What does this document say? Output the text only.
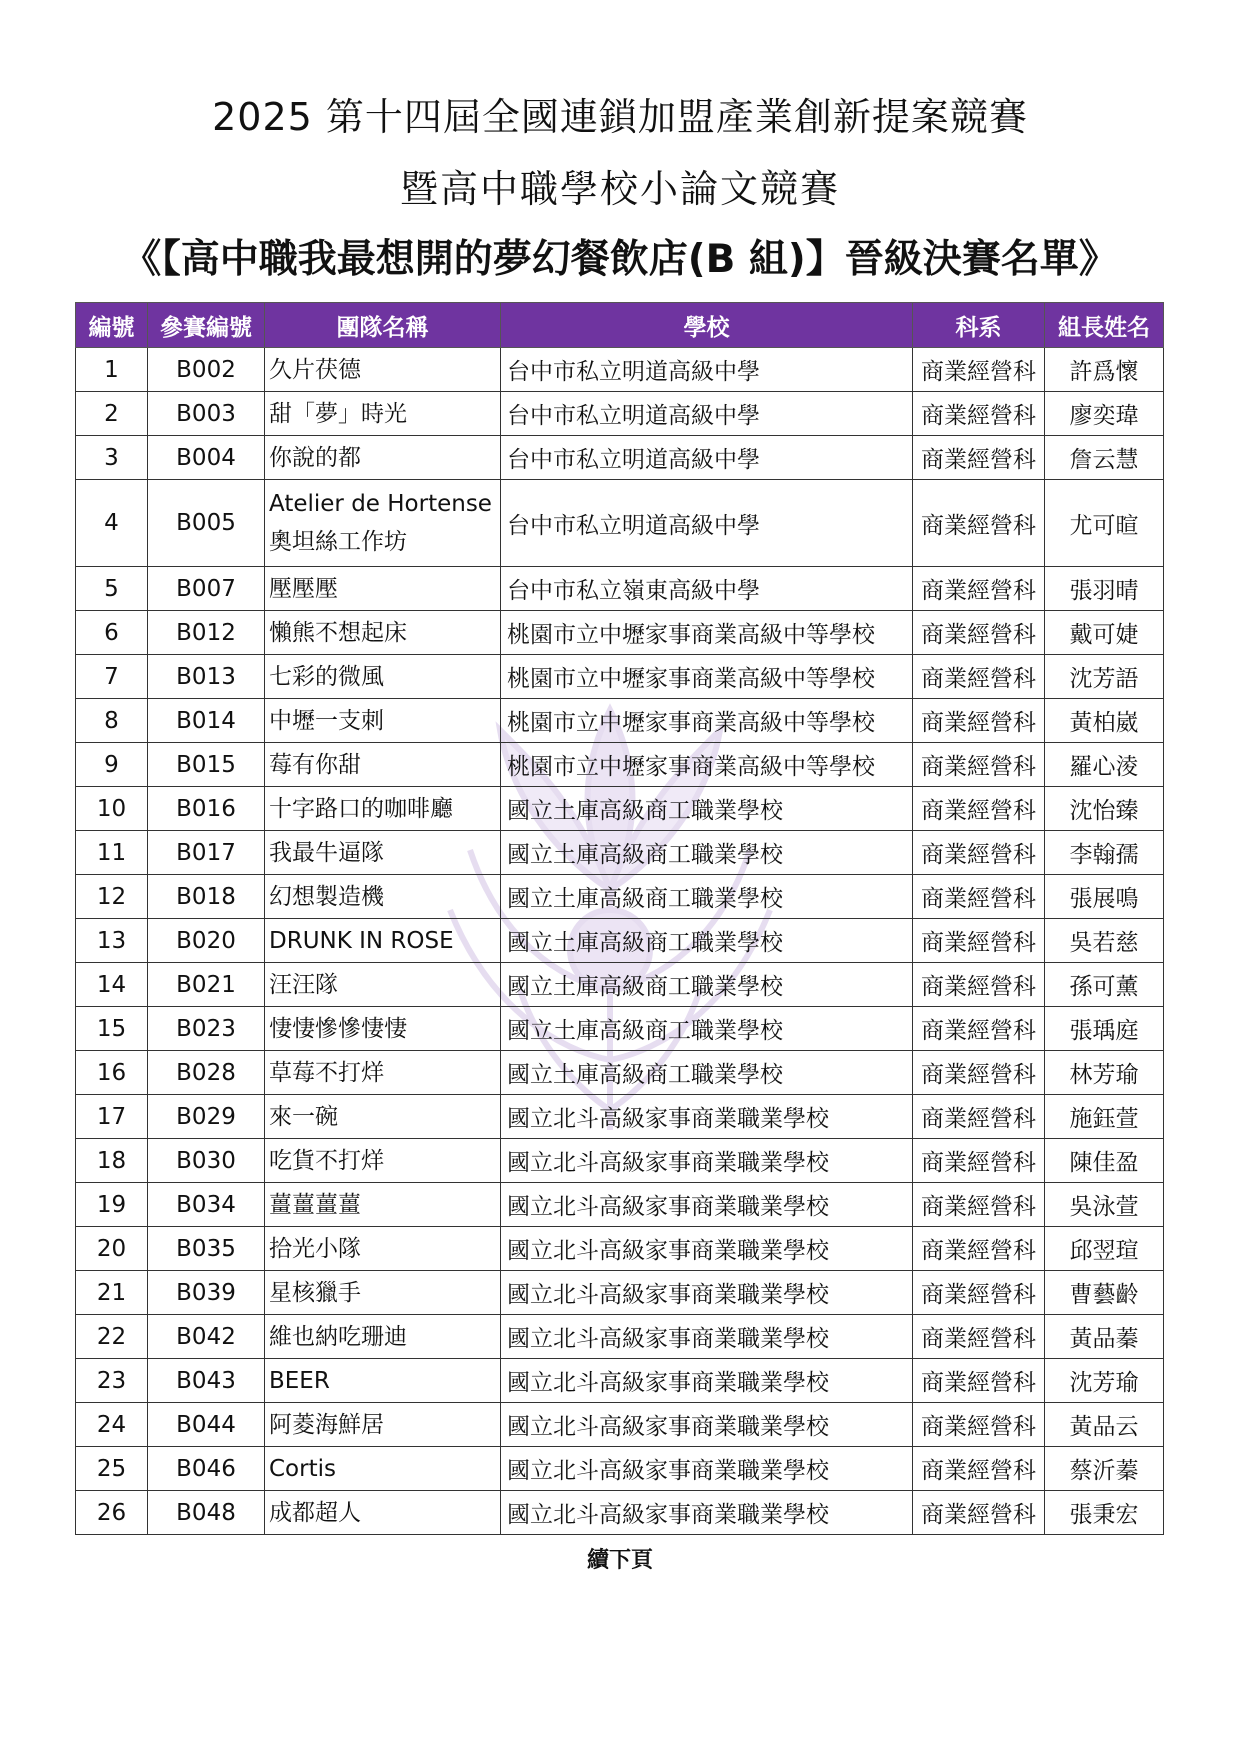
2025 第十四屆全國連鎖加盟產業創新提案競賽
暨高中職學校小論文競賽
《【高中職我最想開的夢幻餐飲店(B 組)】晉級決賽名單》
編號	參賽編號	團隊名稱	學校	科系	組長姓名
1	B002	久片茯德	台中市私立明道高級中學	商業經營科	許爲懷
2	B003	甜「夢」時光	台中市私立明道高級中學	商業經營科	廖奕瑋
3	B004	你說的都	台中市私立明道高級中學	商業經營科	詹云慧
4	B005	Atelier de Hortense
奧坦絲工作坊	台中市私立明道高級中學	商業經營科	尤可暄
5	B007	壓壓壓	台中市私立嶺東高級中學	商業經營科	張羽晴
6	B012	懶熊不想起床	桃園市立中壢家事商業高級中等學校	商業經營科	戴可婕
7	B013	七彩的微風	桃園市立中壢家事商業高級中等學校	商業經營科	沈芳語
8	B014	中壢一支刺	桃園市立中壢家事商業高級中等學校	商業經營科	黃柏崴
9	B015	莓有你甜	桃園市立中壢家事商業高級中等學校	商業經營科	羅心淩
10	B016	十字路口的咖啡廳	國立土庫高級商工職業學校	商業經營科	沈怡臻
11	B017	我最牛逼隊	國立土庫高級商工職業學校	商業經營科	李翰孺
12	B018	幻想製造機	國立土庫高級商工職業學校	商業經營科	張展鳴
13	B020	DRUNK IN ROSE	國立土庫高級商工職業學校	商業經營科	吳若慈
14	B021	汪汪隊	國立土庫高級商工職業學校	商業經營科	孫可薰
15	B023	悽悽慘慘悽悽	國立土庫高級商工職業學校	商業經營科	張瑀庭
16	B028	草莓不打烊	國立土庫高級商工職業學校	商業經營科	林芳瑜
17	B029	來一碗	國立北斗高級家事商業職業學校	商業經營科	施鈺萱
18	B030	吃貨不打烊	國立北斗高級家事商業職業學校	商業經營科	陳佳盈
19	B034	薑薑薑薑	國立北斗高級家事商業職業學校	商業經營科	吳泳萱
20	B035	拾光小隊	國立北斗高級家事商業職業學校	商業經營科	邱翌瑄
21	B039	星核獵手	國立北斗高級家事商業職業學校	商業經營科	曹藝齡
22	B042	維也納吃珊迪	國立北斗高級家事商業職業學校	商業經營科	黃品蓁
23	B043	BEER	國立北斗高級家事商業職業學校	商業經營科	沈芳瑜
24	B044	阿菱海鮮居	國立北斗高級家事商業職業學校	商業經營科	黃品云
25	B046	Cortis	國立北斗高級家事商業職業學校	商業經營科	蔡沂蓁
26	B048	成都超人	國立北斗高級家事商業職業學校	商業經營科	張秉宏
續下頁
